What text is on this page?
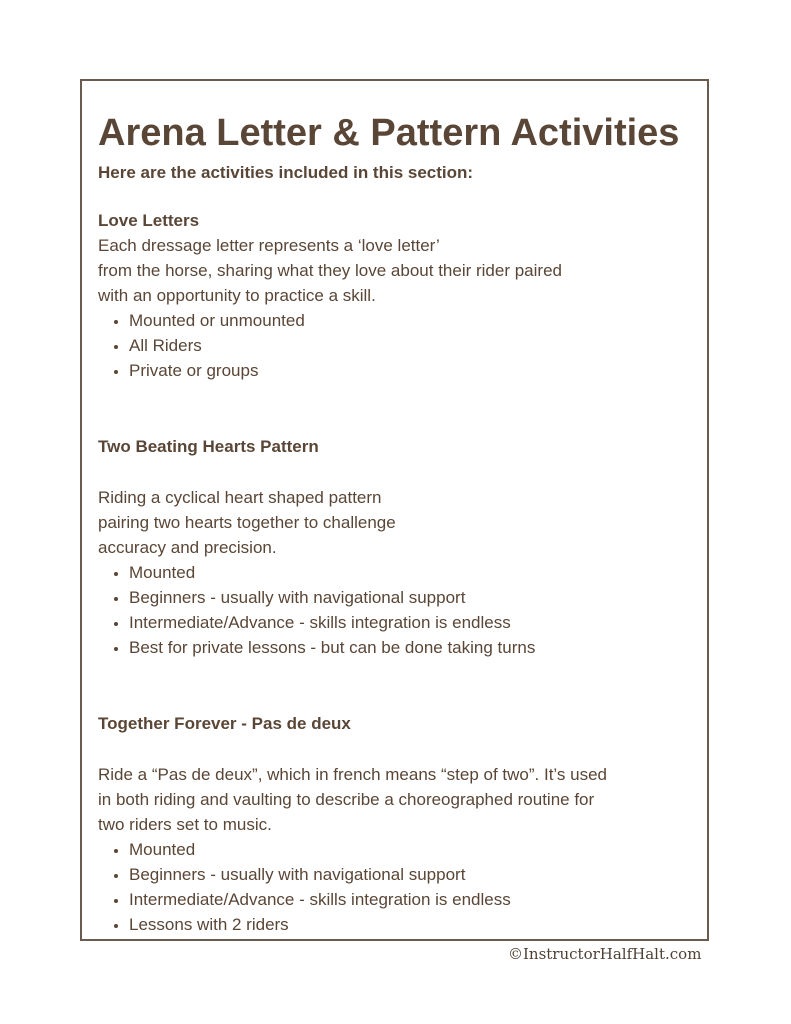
Arena Letter & Pattern Activities

Here are the activities included in this section:

Love Letters

Each dressage letter represents a ‘love letter’
from the horse, sharing what they love about their rider paired
with an opportunity to practice a skill.

• Mounted or unmounted
• All Riders
• Private or groups

Two Beating Hearts Pattern

Riding a cyclical heart shaped pattern
pairing two hearts together to challenge
accuracy and precision.

• Mounted
• Beginners - usually with navigational support
• Intermediate/Advance - skills integration is endless
• Best for private lessons - but can be done taking turns

Together Forever - Pas de deux

Ride a “Pas de deux”, which in french means “step of two”. It’s used
in both riding and vaulting to describe a choreographed routine for
two riders set to music.

• Mounted
• Beginners - usually with navigational support
• Intermediate/Advance - skills integration is endless
• Lessons with 2 riders
©InstructorHalfHalt.com
